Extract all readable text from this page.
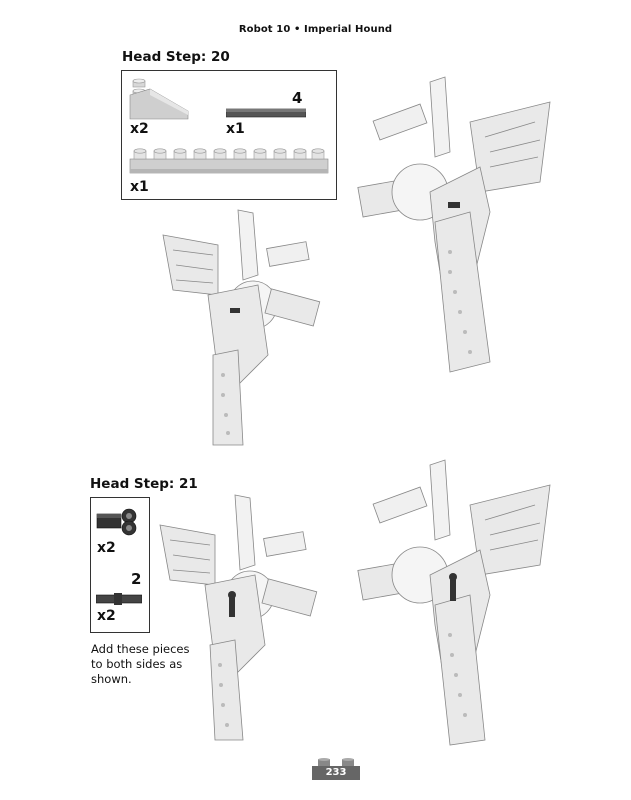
Robot 10 • Imperial Hound
Head Step: 20
x2
4
x1
x1
Head Step: 21
x2
2
x2
Add these pieces to both sides as shown.
233
